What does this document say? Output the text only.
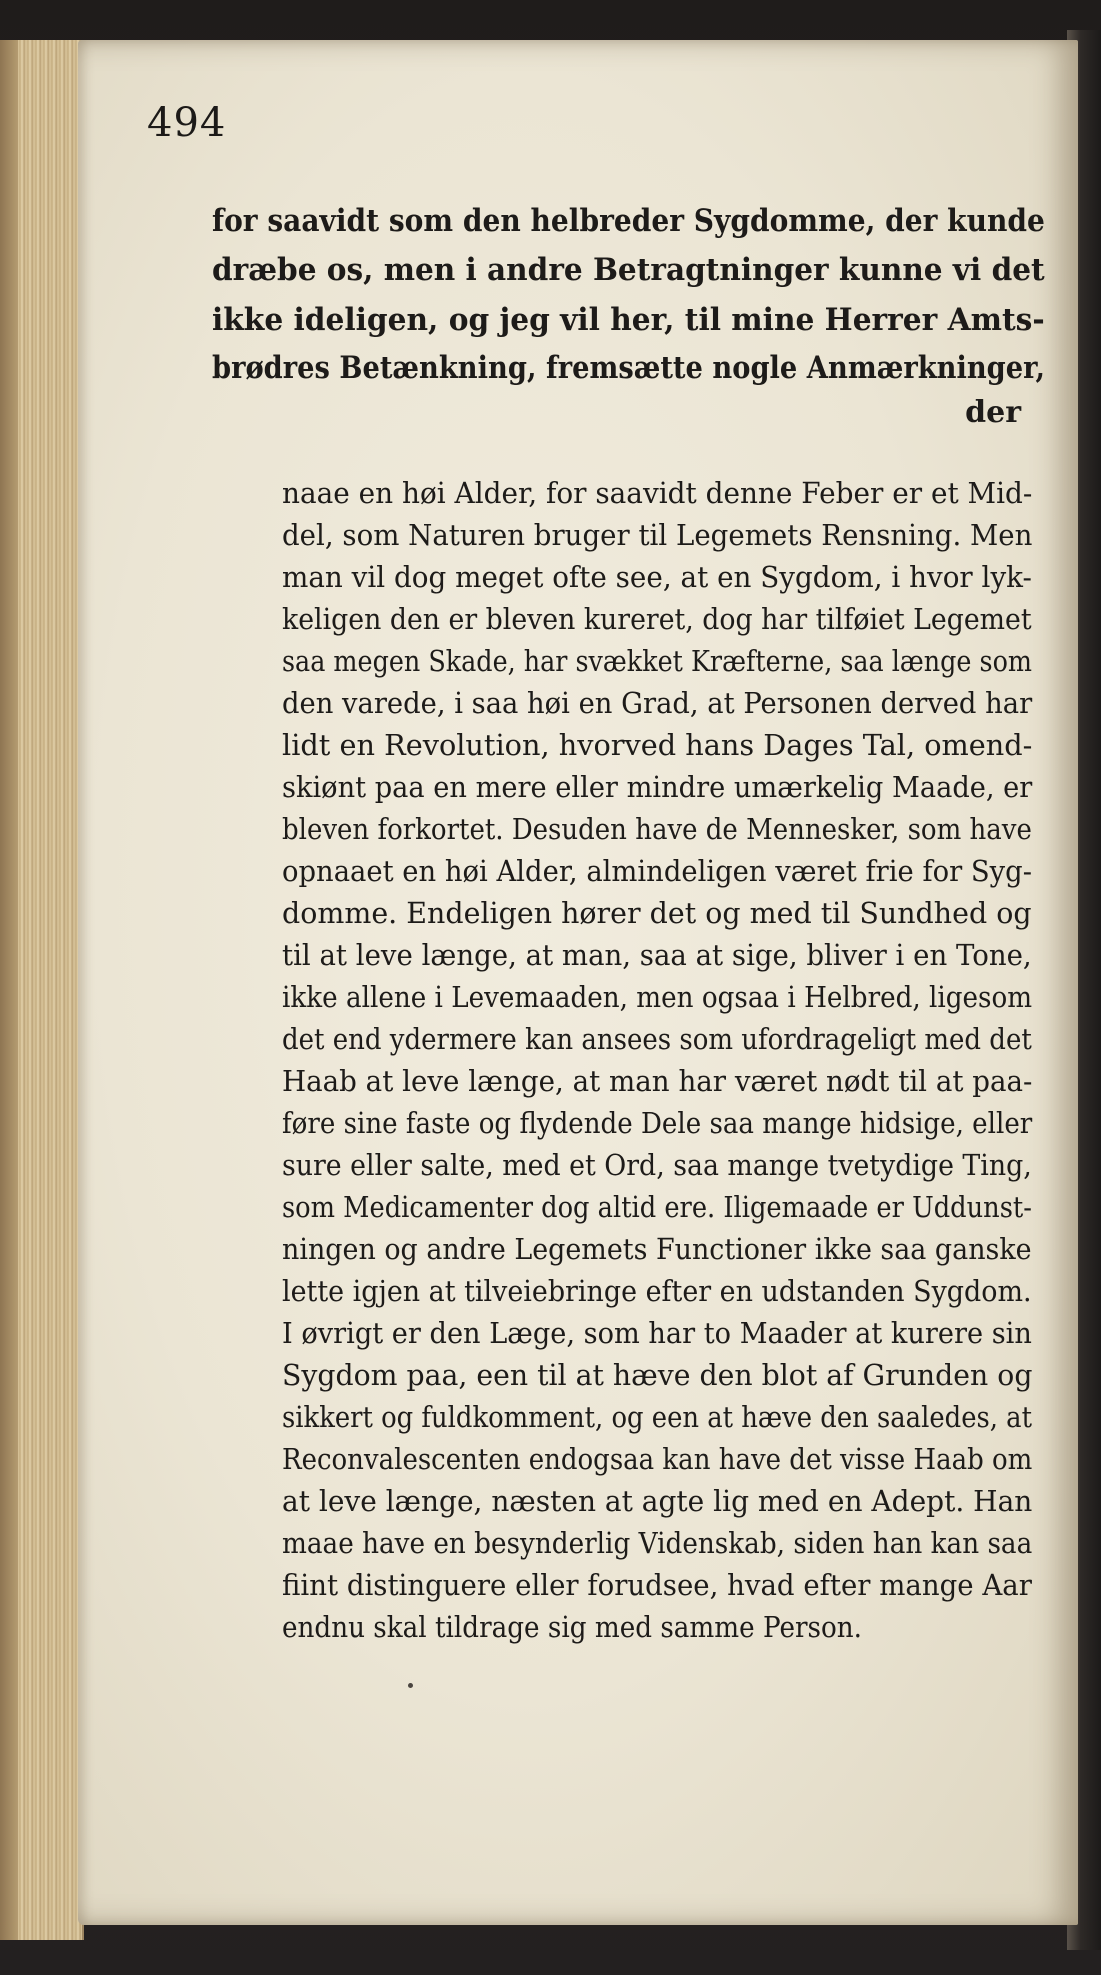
494
for saavidt som den helbreder Sygdomme, der kunde
dræbe os, men i andre Betragtninger kunne vi det
ikke ideligen, og jeg vil her, til mine Herrer Amts-
brødres Betænkning, fremsætte nogle Anmærkninger,
der
naae en høi Alder, for saavidt denne Feber er et Mid-
del, som Naturen bruger til Legemets Rensning. Men
man vil dog meget ofte see, at en Sygdom, i hvor lyk-
keligen den er bleven kureret, dog har tilføiet Legemet
saa megen Skade, har svækket Kræfterne, saa længe som
den varede, i saa høi en Grad, at Personen derved har
lidt en Revolution, hvorved hans Dages Tal, omend-
skiønt paa en mere eller mindre umærkelig Maade, er
bleven forkortet. Desuden have de Mennesker, som have
opnaaet en høi Alder, almindeligen været frie for Syg-
domme. Endeligen hører det og med til Sundhed og
til at leve længe, at man, saa at sige, bliver i en Tone,
ikke allene i Levemaaden, men ogsaa i Helbred, ligesom
det end ydermere kan ansees som ufordrageligt med det
Haab at leve længe, at man har været nødt til at paa-
føre sine faste og flydende Dele saa mange hidsige, eller
sure eller salte, med et Ord, saa mange tvetydige Ting,
som Medicamenter dog altid ere. Iligemaade er Uddunst-
ningen og andre Legemets Functioner ikke saa ganske
lette igjen at tilveiebringe efter en udstanden Sygdom.
I øvrigt er den Læge, som har to Maader at kurere sin
Sygdom paa, een til at hæve den blot af Grunden og
sikkert og fuldkomment, og een at hæve den saaledes, at
Reconvalescenten endogsaa kan have det visse Haab om
at leve længe, næsten at agte lig med en Adept. Han
maae have en besynderlig Videnskab, siden han kan saa
fiint distinguere eller forudsee, hvad efter mange Aar
endnu skal tildrage sig med samme Person.
